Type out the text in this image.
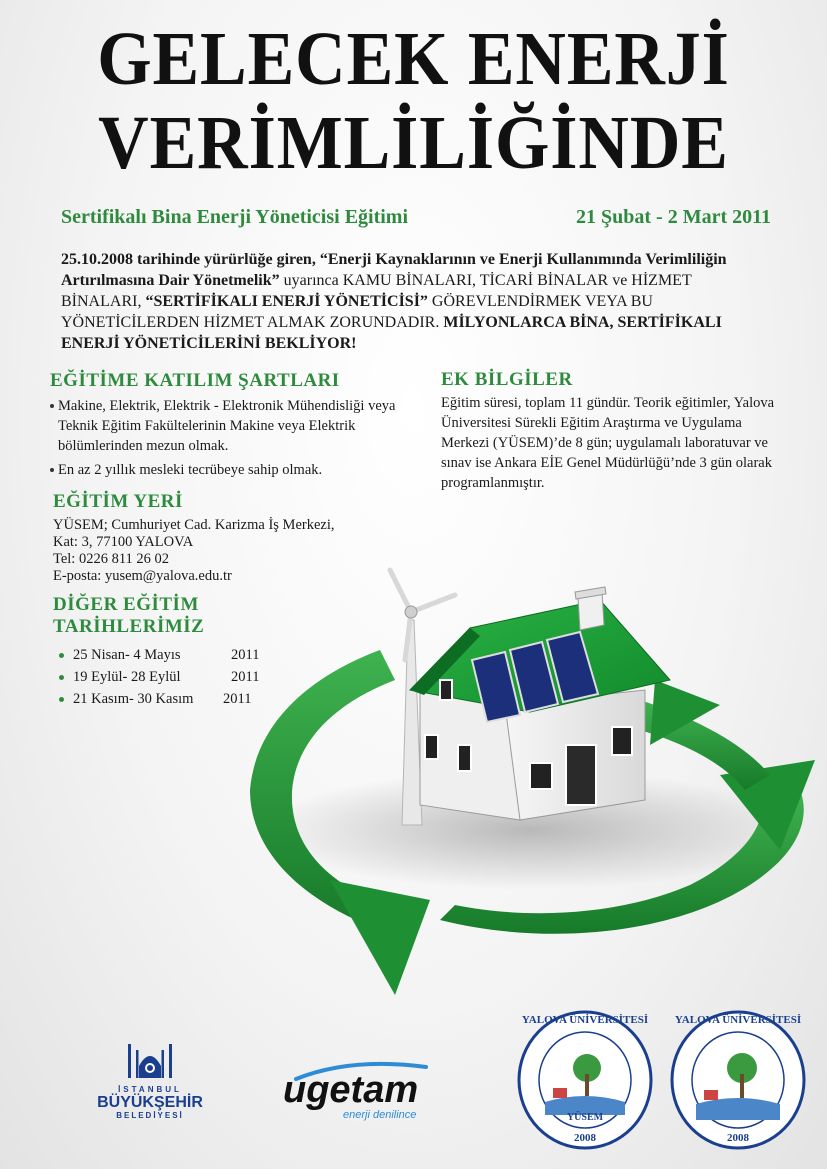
GELECEK ENERJİ
VERİMLİLİĞİNDE
Sertifikalı Bina Enerji Yöneticisi Eğitimi	21 Şubat - 2 Mart 2011
25.10.2008 tarihinde yürürlüğe giren, “Enerji Kaynaklarının ve Enerji Kullanımında Verimliliğin Artırılmasına Dair Yönetmelik” uyarınca KAMU BİNALARI, TİCARİ BİNALAR ve HİZMET BİNALARI, “SERTİFİKALI ENERJİ YÖNETİCİSİ” GÖREVLENDİRMEK VEYA BU YÖNETİCİLERDEN HİZMET ALMAK ZORUNDADIR. MİLYONLARCA BİNA, SERTİFİKALI ENERJİ YÖNETİCİLERİNİ BEKLİYOR!
EĞİTİME KATILIM ŞARTLARI
Makine, Elektrik, Elektrik - Elektronik Mühendisliği veya Teknik Eğitim Fakültelerinin Makine veya Elektrik bölümlerinden mezun olmak.
En az 2 yıllık mesleki tecrübeye sahip olmak.
EK BİLGİLER
Eğitim süresi, toplam 11 gündür. Teorik eğitimler, Yalova Üniversitesi Sürekli Eğitim Araştırma ve Uygulama Merkezi (YÜSEM)’de 8 gün; uygulamalı laboratuvar ve sınav ise Ankara EİE Genel Müdürlüğü’nde 3 gün olarak programlanmıştır.
EĞİTİM YERİ
YÜSEM; Cumhuriyet Cad. Karizma İş Merkezi,
Kat: 3, 77100 YALOVA
Tel: 0226 811 26 02
E-posta: yusem@yalova.edu.tr
DİĞER EĞİTİM TARİHLERİMİZ
25 Nisan- 4 Mayıs	2011
19 Eylül- 28 Eylül	2011
21 Kasım- 30 Kasım 2011
İSTANBUL
BÜYÜKŞEHİR
BELEDİYESİ
ugetam
enerji denilince
YALOVA ÜNİVERSİTESİ
YÜSEM
2008
YALOVA ÜNİVERSİTESİ
2008
